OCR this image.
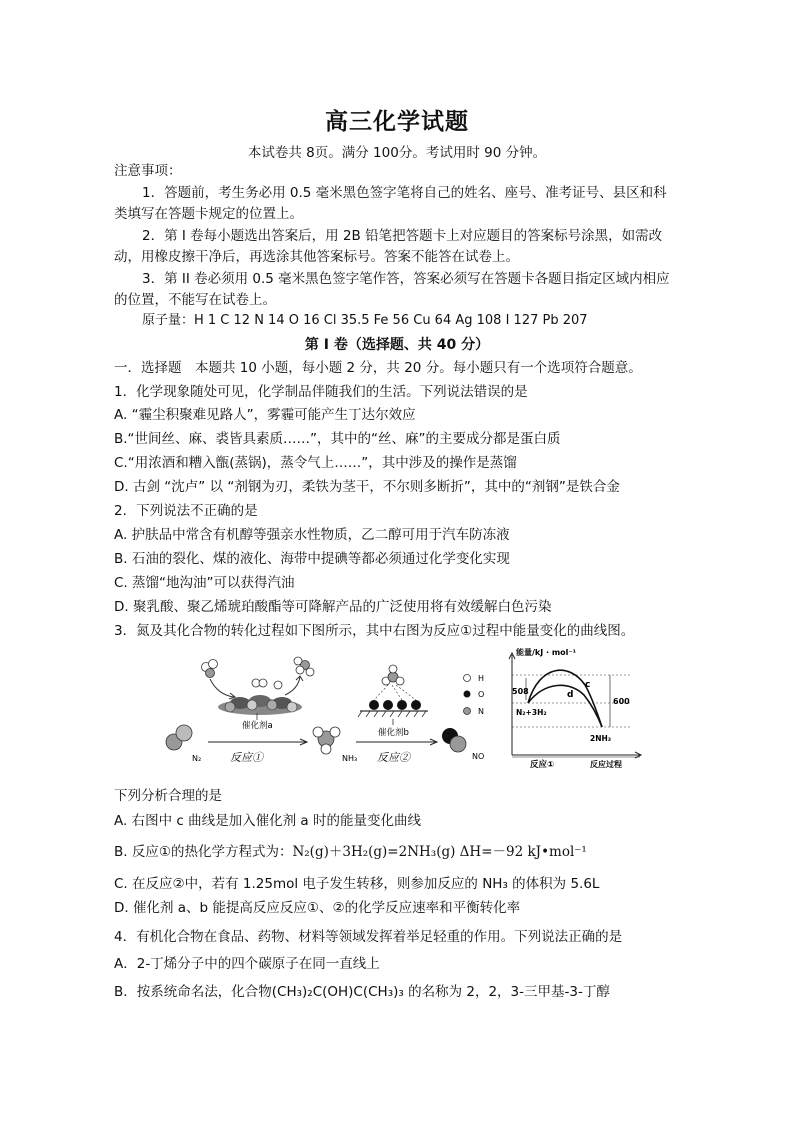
高三化学试题
本试卷共 8页。满分 100分。考试用时 90 分钟。
注意事项：
1．答题前，考生务必用 0.5 毫米黑色签字笔将自己的姓名、座号、准考证号、县区和科
类填写在答题卡规定的位置上。
2．第 I 卷每小题选出答案后，用 2B 铅笔把答题卡上对应题目的答案标号涂黑，如需改
动，用橡皮擦干净后，再选涂其他答案标号。答案不能答在试卷上。
3．第 II 卷必须用 0.5 毫米黑色签字笔作答，答案必须写在答题卡各题目指定区域内相应
的位置，不能写在试卷上。
原子量：H 1 C 12 N 14 O 16 Cl 35.5 Fe 56 Cu 64 Ag 108 I 127 Pb 207
第 I 卷（选择题、共 40 分）
一．选择题　本题共 10 小题，每小题 2 分，共 20 分。每小题只有一个选项符合题意。
1．化学现象随处可见，化学制品伴随我们的生活。下列说法错误的是
A. “霾尘积聚难见路人”，雾霾可能产生丁达尔效应
B.“世间丝、麻、裘皆具素质……”，其中的“丝、麻”的主要成分都是蛋白质
C.“用浓酒和糟入甑(蒸锅)，蒸令气上……”，其中涉及的操作是蒸馏
D. 古剑 “沈卢” 以 “剂钢为刃，柔铁为茎干，不尔则多断折”，其中的“剂钢”是铁合金
2．下列说法不正确的是
A. 护肤品中常含有机醇等强亲水性物质，乙二醇可用于汽车防冻液
B. 石油的裂化、煤的液化、海带中提碘等都必须通过化学变化实现
C. 蒸馏“地沟油”可以获得汽油
D. 聚乳酸、聚乙烯琥珀酸酯等可降解产品的广泛使用将有效缓解白色污染
3．氮及其化合物的转化过程如下图所示，其中右图为反应①过程中能量变化的曲线图。
催化剂a
N₂	反应①	NH₃
催化剂b
反应②	NO
H
O
N
能量/kJ · mol⁻¹
508
600
c
d
N₂+3H₂
2NH₃
反应过程
反应①
下列分析合理的是
A. 右图中 c 曲线是加入催化剂 a 时的能量变化曲线
B. 反应①的热化学方程式为：N₂(g)＋3H₂(g)=2NH₃(g) ΔH=－92 kJ•mol⁻¹
C. 在反应②中，若有 1.25mol 电子发生转移，则参加反应的 NH₃ 的体积为 5.6L
D. 催化剂 a、b 能提高反应反应①、②的化学反应速率和平衡转化率
4．有机化合物在食品、药物、材料等领域发挥着举足轻重的作用。下列说法正确的是
A．2-丁烯分子中的四个碳原子在同一直线上
B．按系统命名法，化合物(CH₃)₂C(OH)C(CH₃)₃ 的名称为 2，2，3-三甲基-3-丁醇
